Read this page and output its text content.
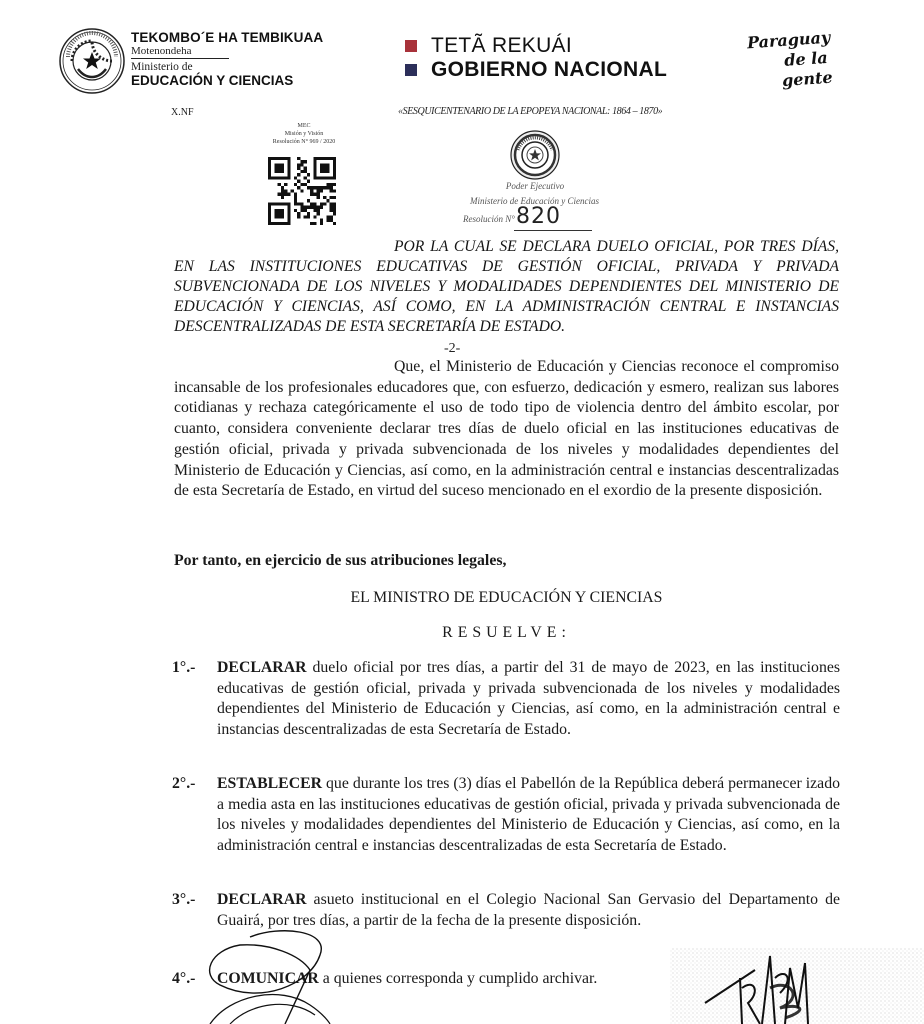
TEKOMBO´E HA TEMBIKUAA
Motenondeha
Ministerio de
EDUCACIÓN Y CIENCIAS
TETÃ REKUÁI
GOBIERNO NACIONAL
Paraguay
de la gente
X.NF	«SESQUICENTENARIO DE LA EPOPEYA NACIONAL: 1864 – 1870»
MEC
Misión y Visión
Resolución N° 969 / 2020
Poder Ejecutivo
Ministerio de Educación y Ciencias
Resolución N° 820
POR LA CUAL SE DECLARA DUELO OFICIAL, POR TRES DÍAS, EN LAS INSTITUCIONES EDUCATIVAS DE GESTIÓN OFICIAL, PRIVADA Y PRIVADA SUBVENCIONADA DE LOS NIVELES Y MODALIDADES DEPENDIENTES DEL MINISTERIO DE EDUCACIÓN Y CIENCIAS, ASÍ COMO, EN LA ADMINISTRACIÓN CENTRAL E INSTANCIAS DESCENTRALIZADAS DE ESTA SECRETARÍA DE ESTADO.
-2-
Que, el Ministerio de Educación y Ciencias reconoce el compromiso incansable de los profesionales educadores que, con esfuerzo, dedicación y esmero, realizan sus labores cotidianas y rechaza categóricamente el uso de todo tipo de violencia dentro del ámbito escolar, por cuanto, considera conveniente declarar tres días de duelo oficial en las instituciones educativas de gestión oficial, privada y privada subvencionada de los niveles y modalidades dependientes del Ministerio de Educación y Ciencias, así como, en la administración central e instancias descentralizadas de esta Secretaría de Estado, en virtud del suceso mencionado en el exordio de la presente disposición.
Por tanto, en ejercicio de sus atribuciones legales,
EL MINISTRO DE EDUCACIÓN Y CIENCIAS
RESUELVE:
1°.- DECLARAR duelo oficial por tres días, a partir del 31 de mayo de 2023, en las instituciones educativas de gestión oficial, privada y privada subvencionada de los niveles y modalidades dependientes del Ministerio de Educación y Ciencias, así como, en la administración central e instancias descentralizadas de esta Secretaría de Estado.
2°.- ESTABLECER que durante los tres (3) días el Pabellón de la República deberá permanecer izado a media asta en las instituciones educativas de gestión oficial, privada y privada subvencionada de los niveles y modalidades dependientes del Ministerio de Educación y Ciencias, así como, en la administración central e instancias descentralizadas de esta Secretaría de Estado.
3°.- DECLARAR asueto institucional en el Colegio Nacional San Gervasio del Departamento de Guairá, por tres días, a partir de la fecha de la presente disposición.
4°.- COMUNICAR a quienes corresponda y cumplido archivar.
